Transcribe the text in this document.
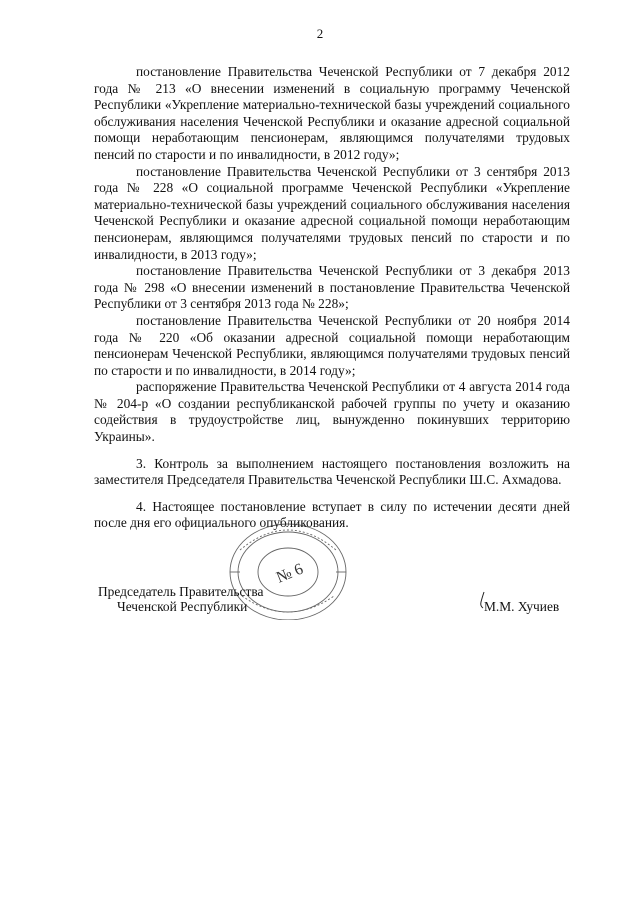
2

постановление Правительства Чеченской Республики от 7 декабря 2012 года № 213 «О внесении изменений в социальную программу Чеченской Республики «Укрепление материально-технической базы учреждений социального обслуживания населения Чеченской Республики и оказание адресной социальной помощи неработающим пенсионерам, являющимся получателями трудовых пенсий по старости и по инвалидности, в 2012 году»;

постановление Правительства Чеченской Республики от 3 сентября 2013 года № 228 «О социальной программе Чеченской Республики «Укрепление материально-технической базы учреждений социального обслуживания населения Чеченской Республики и оказание адресной социальной помощи неработающим пенсионерам, являющимся получателями трудовых пенсий по старости и по инвалидности, в 2013 году»;

постановление Правительства Чеченской Республики от 3 декабря 2013 года № 298 «О внесении изменений в постановление Правительства Чеченской Республики от 3 сентября 2013 года № 228»;

постановление Правительства Чеченской Республики от 20 ноября 2014 года № 220 «Об оказании адресной социальной помощи неработающим пенсионерам Чеченской Республики, являющимся получателями трудовых пенсий по старости и по инвалидности, в 2014 году»;

распоряжение Правительства Чеченской Республики от 4 августа 2014 года № 204-р «О создании республиканской рабочей группы по учету и оказанию содействия в трудоустройстве лиц, вынужденно покинувших территорию Украины».

3. Контроль за выполнением настоящего постановления возложить на заместителя Председателя Правительства Чеченской Республики Ш.С. Ахмадова.

4. Настоящее постановление вступает в силу по истечении десяти дней после дня его официального опубликования.

№ 6
Председатель Правительства
Чеченской Республики	М.М. Хучиев
